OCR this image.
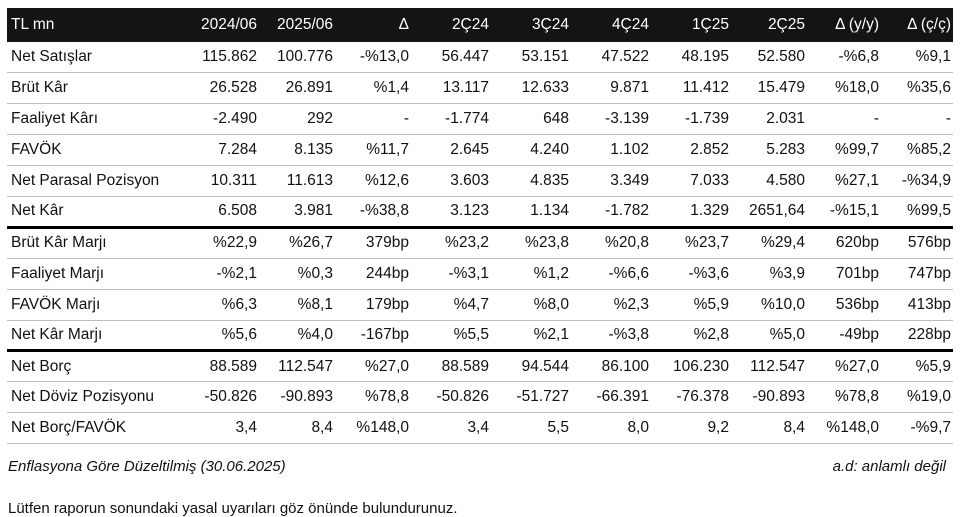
TL mn	2024/06	2025/06	Δ	2Ç24	3Ç24	4Ç24	1Ç25	2Ç25	Δ (y/y)	Δ (ç/ç)
Net Satışlar	115.862	100.776	-%13,0	56.447	53.151	47.522	48.195	52.580	-%6,8	%9,1
Brüt Kâr	26.528	26.891	%1,4	13.117	12.633	9.871	11.412	15.479	%18,0	%35,6
Faaliyet Kârı	-2.490	292	-	-1.774	648	-3.139	-1.739	2.031	-	-
FAVÖK	7.284	8.135	%11,7	2.645	4.240	1.102	2.852	5.283	%99,7	%85,2
Net Parasal Pozisyon	10.311	11.613	%12,6	3.603	4.835	3.349	7.033	4.580	%27,1	-%34,9
Net Kâr	6.508	3.981	-%38,8	3.123	1.134	-1.782	1.329	2651,64	-%15,1	%99,5
Brüt Kâr Marjı	%22,9	%26,7	379bp	%23,2	%23,8	%20,8	%23,7	%29,4	620bp	576bp
Faaliyet Marjı	-%2,1	%0,3	244bp	-%3,1	%1,2	-%6,6	-%3,6	%3,9	701bp	747bp
FAVÖK Marjı	%6,3	%8,1	179bp	%4,7	%8,0	%2,3	%5,9	%10,0	536bp	413bp
Net Kâr Marjı	%5,6	%4,0	-167bp	%5,5	%2,1	-%3,8	%2,8	%5,0	-49bp	228bp
Net Borç	88.589	112.547	%27,0	88.589	94.544	86.100	106.230	112.547	%27,0	%5,9
Net Döviz Pozisyonu	-50.826	-90.893	%78,8	-50.826	-51.727	-66.391	-76.378	-90.893	%78,8	%19,0
Net Borç/FAVÖK	3,4	8,4	%148,0	3,4	5,5	8,0	9,2	8,4	%148,0	-%9,7
Enflasyona Göre Düzeltilmiş (30.06.2025)	a.d: anlamlı değil
Lütfen raporun sonundaki yasal uyarıları göz önünde bulundurunuz.
